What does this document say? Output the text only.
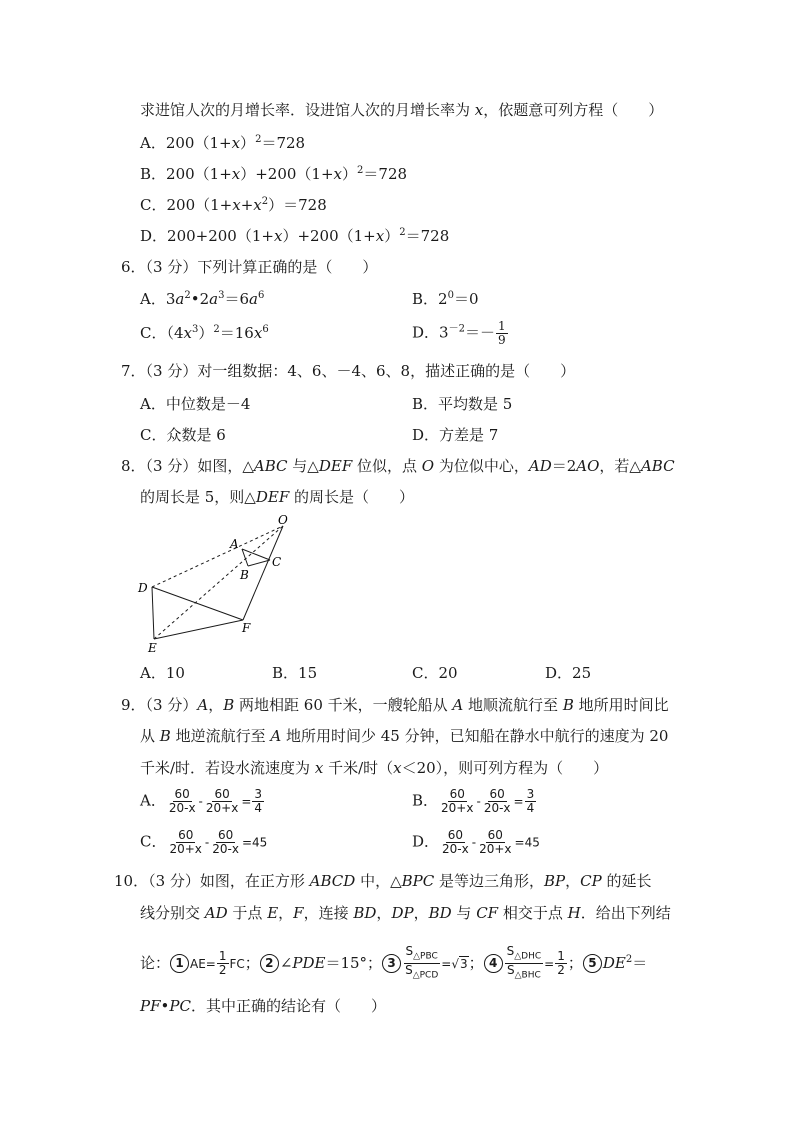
求进馆人次的月增长率．设进馆人次的月增长率为 x，依题意可列方程（　　）
A．$200(1+x)^2=728$
B．$200(1+x)+200(1+x)^2=728$
C．$200(1+x+x^2)=728$
D．$200+200(1+x)+200(1+x)^2=728$
6．（3 分）下列计算正确的是（　　）
A．$3a^2•2a^3=6a^6$	B．$2^0=0$
C．$(4x^3)^2=16x^6$	D．$3^{-2}=- \frac{1}{9}$
7．（3 分）对一组数据：4、6、－4、6、8，描述正确的是（　　）
A．中位数是－4	B．平均数是 5
C．众数是 6	D．方差是 7
8．（3 分）如图，△ABC 与△DEF 位似，点 O 为位似中心，AD＝2AO，若△ABC
的周长是 5，则△DEF 的周长是（　　）
O
A
B
C
D
E
F
A．10	B．15	C．20	D．25
9．（3 分）A，B 两地相距 60 千米，一艘轮船从 A 地顺流航行至 B 地所用时间比
从 B 地逆流航行至 A 地所用时间少 45 分钟，已知船在静水中航行的速度为 20
千米/时．若设水流速度为 x 千米/时（x＜20），则可列方程为（　　）
A． $\frac{60}{20-x} - \frac{60}{20+x} = \frac{3}{4}$	B． $\frac{60}{20+x} - \frac{60}{20-x} = \frac{3}{4}$
C． $\frac{60}{20+x} - \frac{60}{20-x} =45$	D． $\frac{60}{20-x} - \frac{60}{20+x} =45$
10．（3 分）如图，在正方形 ABCD 中，△BPC 是等边三角形，BP，CP 的延长
线分别交 AD 于点 E，F，连接 BD，DP，BD 与 CF 相交于点 H．给出下列结
论： 1 $AE= \frac{1}{2}$ FC； 2 ∠PDE＝15°； $3 \frac{S_{\triangle PBC}}{S_{\triangle PCD}} =√3$； $4 \frac{S_{\triangle DHC}}{S_{\triangle BHC}} = \frac{1}{2}$ ； 5 $DE^2=$
PF•PC．其中正确的结论有（　　）
